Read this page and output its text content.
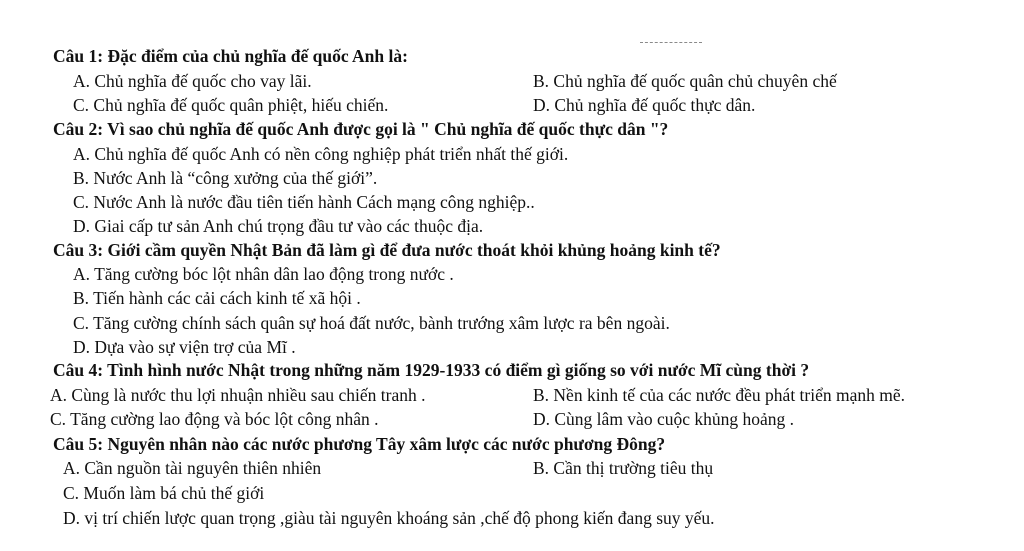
Câu 1: Đặc điểm của chủ nghĩa đế quốc Anh là:
A. Chủ nghĩa đế quốc cho vay lãi.	B. Chủ nghĩa đế quốc quân chủ chuyên chế
C. Chủ nghĩa đế quốc quân phiệt, hiếu chiến.	D. Chủ nghĩa đế quốc thực dân.
Câu 2: Vì sao chủ nghĩa đế quốc Anh được gọi là " Chủ nghĩa đế quốc thực dân "?
A. Chủ nghĩa đế quốc Anh có nền công nghiệp phát triển nhất thế giới.
B. Nước Anh là “công xưởng của thế giới”.
C. Nước Anh là nước đầu tiên tiến hành Cách mạng công nghiệp..
D. Giai cấp tư sản Anh chú trọng đầu tư vào các thuộc địa.
Câu 3: Giới cầm quyền Nhật Bản đã làm gì để đưa nước thoát khỏi khủng hoảng kinh tế?
A. Tăng cường bóc lột nhân dân lao động trong nước .
B. Tiến hành các cải cách kinh tế xã hội .
C. Tăng cường chính sách quân sự hoá đất nước, bành trướng xâm lược ra bên ngoài.
D. Dựa vào sự viện trợ của Mĩ .
Câu 4: Tình hình nước Nhật trong những năm 1929-1933 có điểm gì giống so với nước Mĩ cùng thời ?
A. Cùng là nước thu lợi nhuận nhiều sau chiến tranh .	B. Nền kinh tế của các nước đều phát triển mạnh mẽ.
C. Tăng cường lao động và bóc lột công nhân .	D. Cùng lâm vào cuộc khủng hoảng .
Câu 5: Nguyên nhân nào các nước phương Tây xâm lược các nước phương Đông?
A. Cần nguồn tài nguyên thiên nhiên	B. Cần thị trường tiêu thụ
C. Muốn làm bá chủ thế giới
D. vị trí chiến lược quan trọng ,giàu tài nguyên khoáng sản ,chế độ phong kiến đang suy yếu.
